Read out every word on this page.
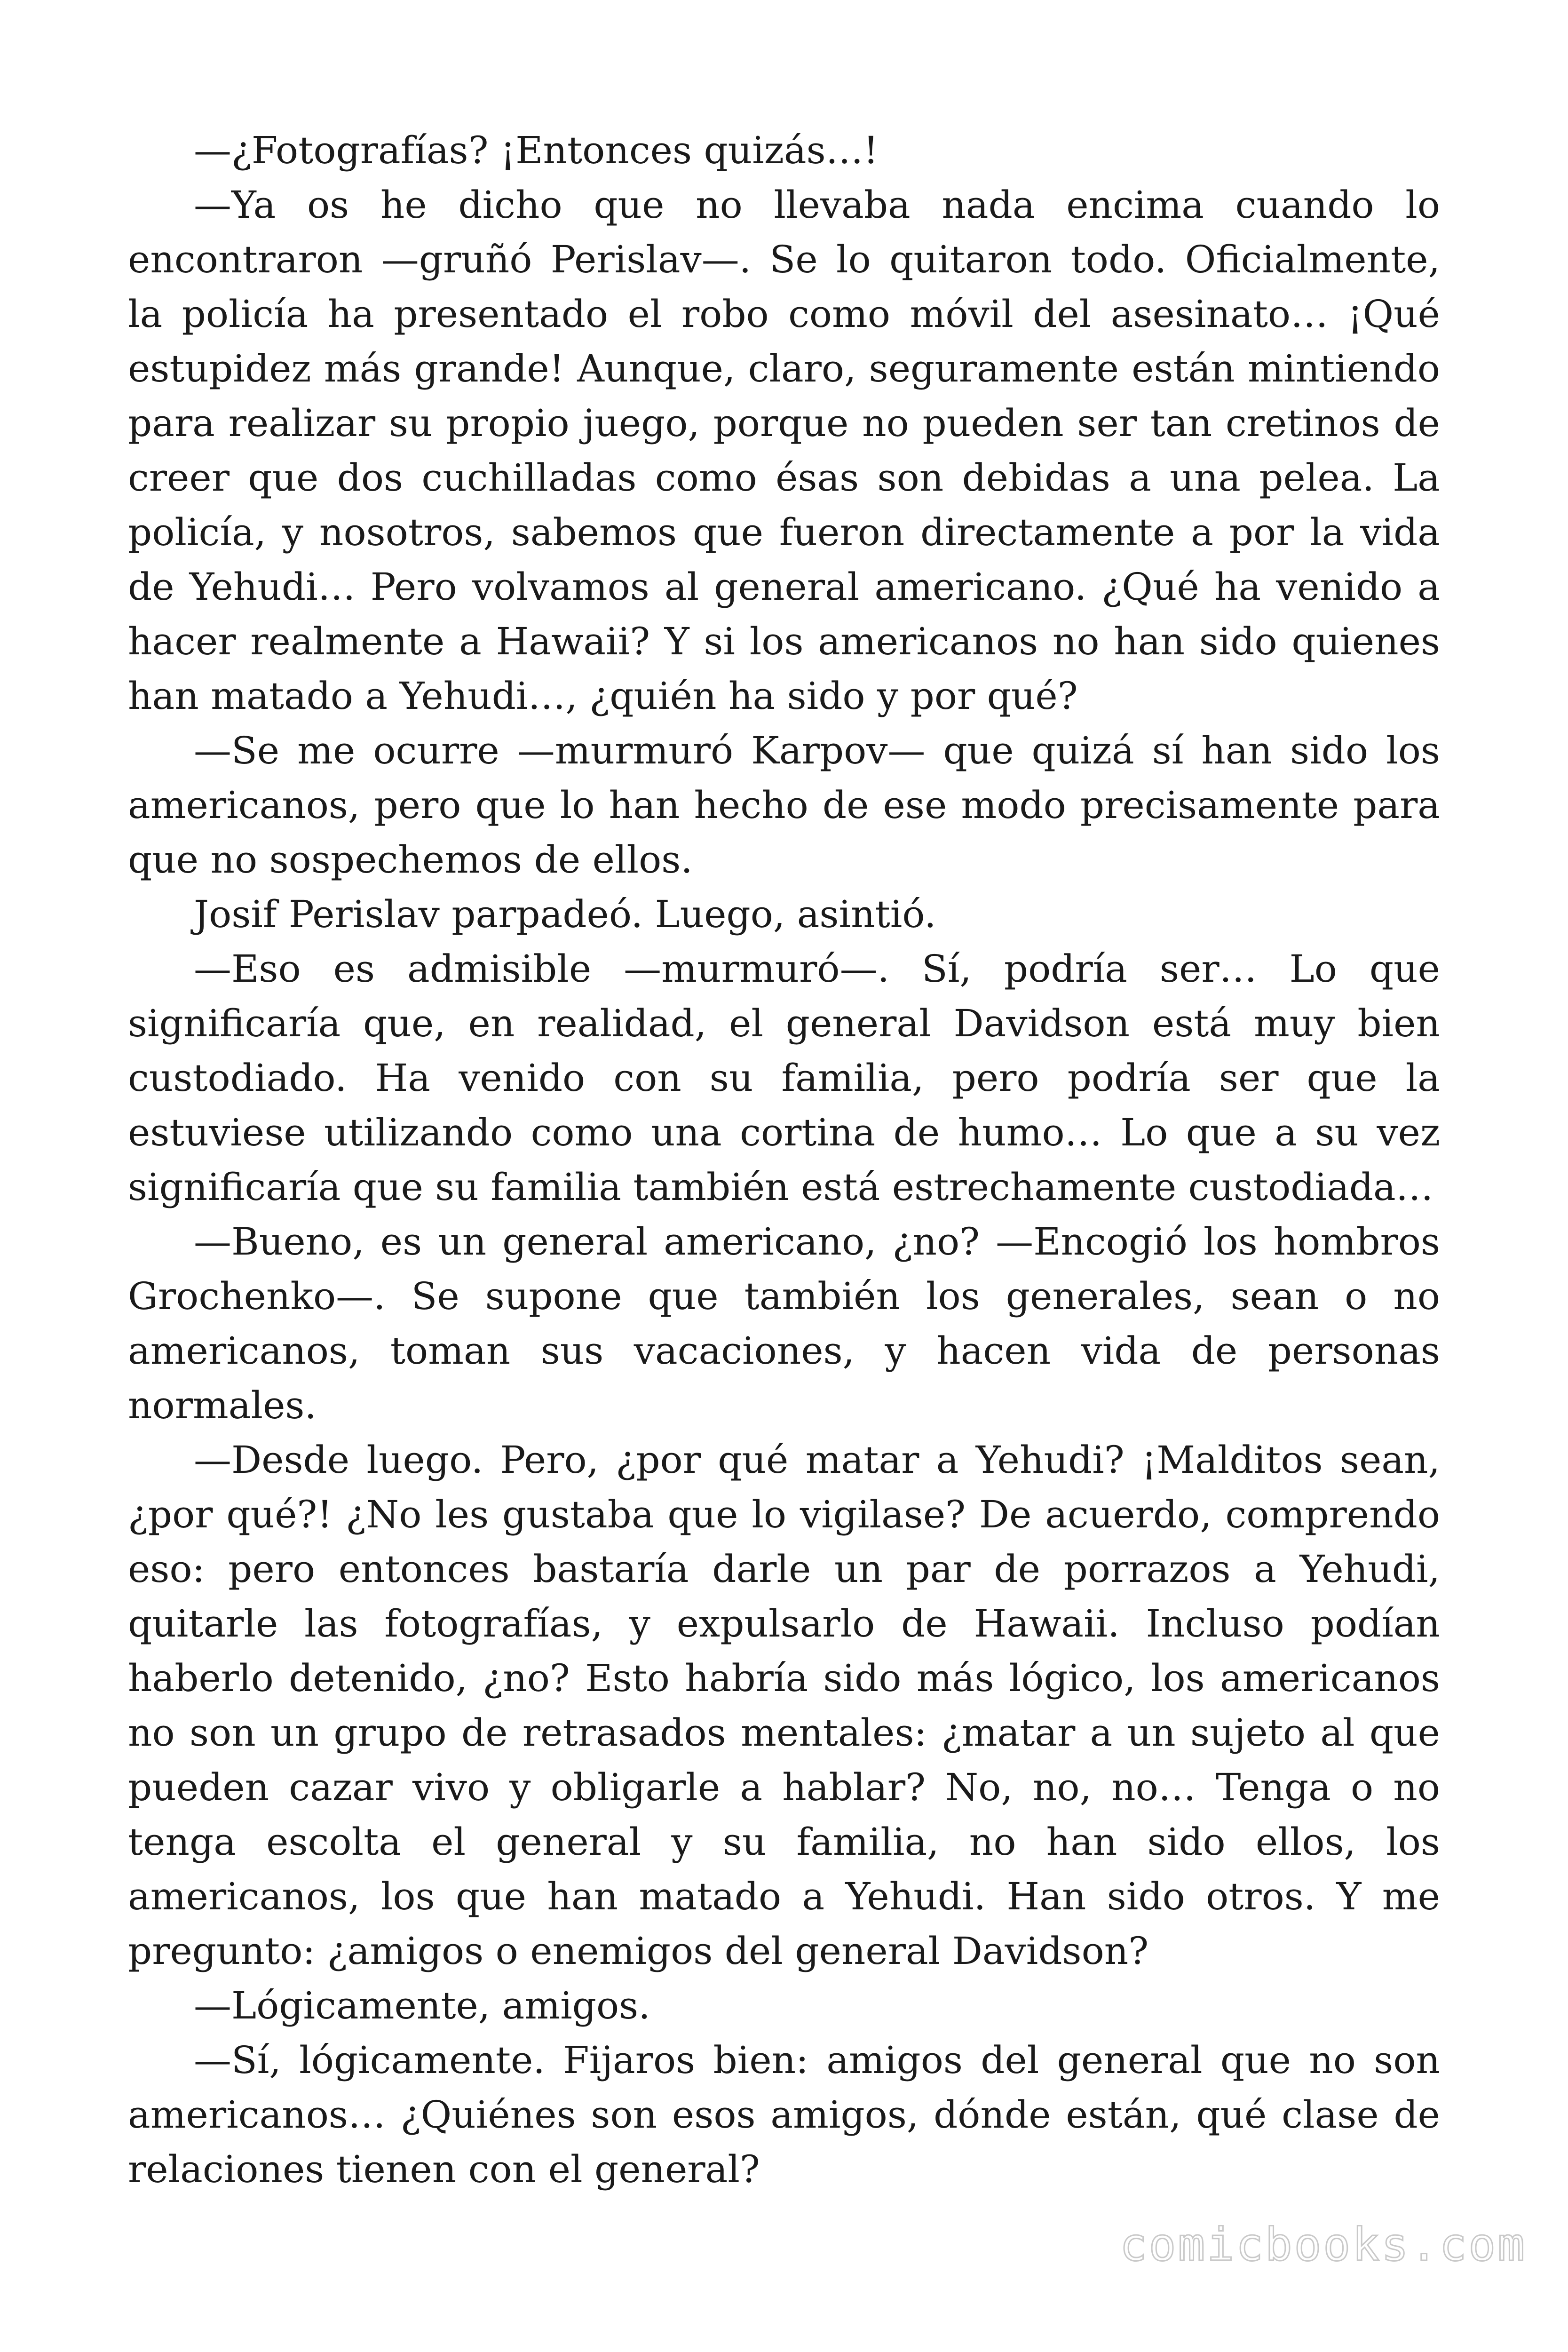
—¿Fotografías? ¡Entonces quizás…!

—Ya os he dicho que no llevaba nada encima cuando lo encontraron —gruñó Perislav—. Se lo quitaron todo. Oficialmente, la policía ha presentado el robo como móvil del asesinato… ¡Qué estupidez más grande! Aunque, claro, seguramente están mintiendo para realizar su propio juego, porque no pueden ser tan cretinos de creer que dos cuchilladas como ésas son debidas a una pelea. La policía, y nosotros, sabemos que fueron directamente a por la vida de Yehudi… Pero volvamos al general americano. ¿Qué ha venido a hacer realmente a Hawaii? Y si los americanos no han sido quienes han matado a Yehudi…, ¿quién ha sido y por qué?

—Se me ocurre —murmuró Karpov— que quizá sí han sido los americanos, pero que lo han hecho de ese modo precisamente para que no sospechemos de ellos.

Josif Perislav parpadeó. Luego, asintió.

—Eso es admisible —murmuró—. Sí, podría ser… Lo que significaría que, en realidad, el general Davidson está muy bien custodiado. Ha venido con su familia, pero podría ser que la estuviese utilizando como una cortina de humo… Lo que a su vez significaría que su familia también está estrechamente custodiada…

—Bueno, es un general americano, ¿no? —Encogió los hombros Grochenko—. Se supone que también los generales, sean o no americanos, toman sus vacaciones, y hacen vida de personas normales.

—Desde luego. Pero, ¿por qué matar a Yehudi? ¡Malditos sean, ¿por qué?! ¿No les gustaba que lo vigilase? De acuerdo, comprendo eso: pero entonces bastaría darle un par de porrazos a Yehudi, quitarle las fotografías, y expulsarlo de Hawaii. Incluso podían haberlo detenido, ¿no? Esto habría sido más lógico, los americanos no son un grupo de retrasados mentales: ¿matar a un sujeto al que pueden cazar vivo y obligarle a hablar? No, no, no… Tenga o no tenga escolta el general y su familia, no han sido ellos, los americanos, los que han matado a Yehudi. Han sido otros. Y me pregunto: ¿amigos o enemigos del general Davidson?

—Lógicamente, amigos.

—Sí, lógicamente. Fijaros bien: amigos del general que no son americanos… ¿Quiénes son esos amigos, dónde están, qué clase de relaciones tienen con el general?

comicbooks.com
